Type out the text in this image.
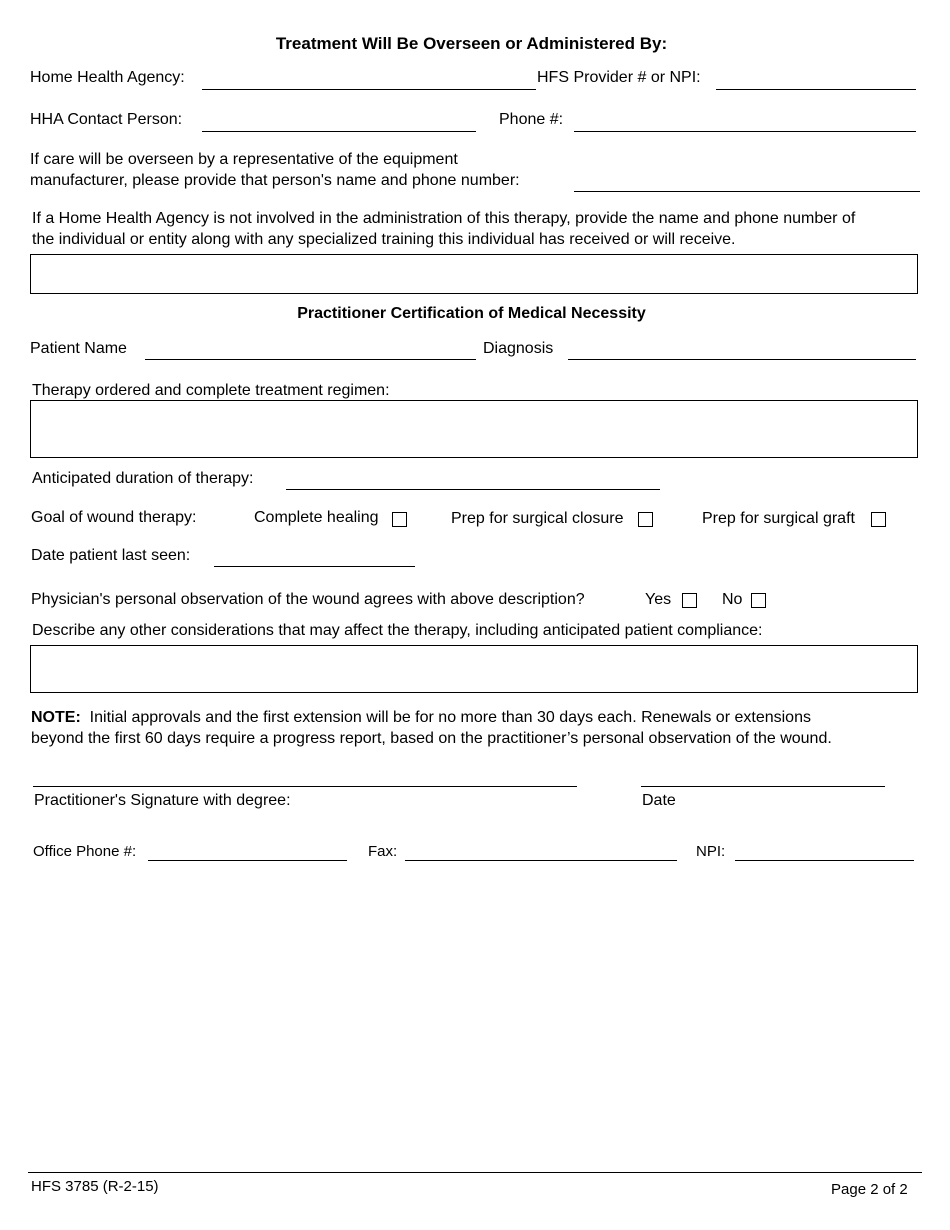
Treatment Will Be Overseen or Administered By:
Home Health Agency:	HFS Provider # or NPI:
HHA Contact Person:	Phone #:
If care will be overseen by a representative of the equipment
manufacturer, please provide that person's name and phone number:
If a Home Health Agency is not involved in the administration of this therapy, provide the name and phone number of
the individual or entity along with any specialized training this individual has received or will receive.
Practitioner Certification of Medical Necessity
Patient Name	Diagnosis
Therapy ordered and complete treatment regimen:
Anticipated duration of therapy:
Goal of wound therapy:	Complete healing	Prep for surgical closure	Prep for surgical graft
Date patient last seen:
Physician's personal observation of the wound agrees with above description?	Yes	No
Describe any other considerations that may affect the therapy, including anticipated patient compliance:
NOTE: Initial approvals and the first extension will be for no more than 30 days each. Renewals or extensions
beyond the first 60 days require a progress report, based on the practitioner’s personal observation of the wound.
Practitioner's Signature with degree:	Date
Office Phone #:	Fax:	NPI:
HFS 3785 (R-2-15)	Page 2 of 2
